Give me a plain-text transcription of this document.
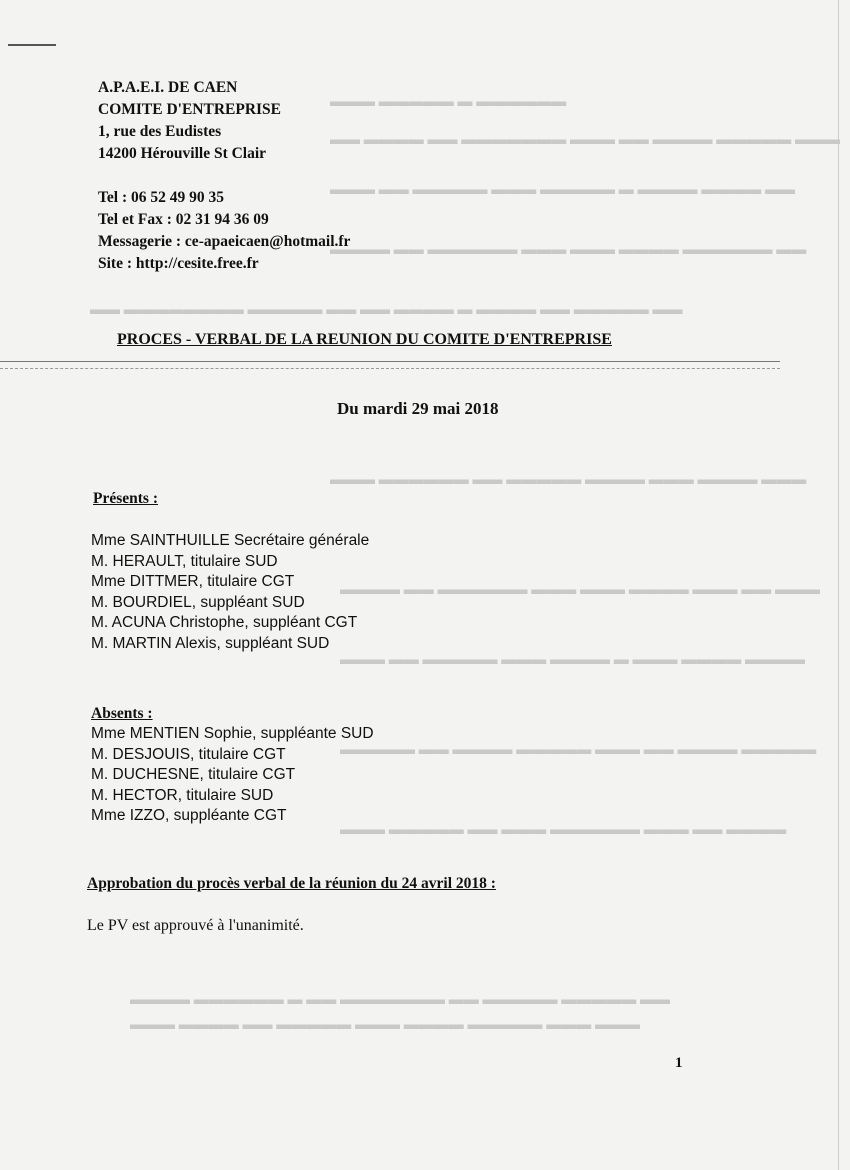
▬▬▬ ▬▬▬▬▬ ▬ ▬▬▬▬▬▬
▬▬ ▬▬▬▬ ▬▬ ▬▬▬▬▬▬▬ ▬▬▬ ▬▬ ▬▬▬▬ ▬▬▬▬▬ ▬▬▬
▬▬▬ ▬▬ ▬▬▬▬▬ ▬▬▬ ▬▬▬▬▬ ▬ ▬▬▬▬ ▬▬▬▬ ▬▬
▬▬▬▬ ▬▬ ▬▬▬▬▬▬ ▬▬▬ ▬▬▬ ▬▬▬▬ ▬▬▬▬▬▬ ▬▬
▬▬ ▬▬▬▬▬▬▬▬ ▬▬▬▬▬ ▬▬ ▬▬ ▬▬▬▬ ▬ ▬▬▬▬ ▬▬ ▬▬▬▬▬ ▬▬
▬▬▬ ▬▬▬▬▬▬ ▬▬ ▬▬▬▬▬ ▬▬▬▬ ▬▬▬ ▬▬▬▬ ▬▬▬
▬▬▬▬ ▬▬ ▬▬▬▬▬▬ ▬▬▬ ▬▬▬ ▬▬▬▬ ▬▬▬ ▬▬ ▬▬▬
▬▬▬ ▬▬ ▬▬▬▬▬ ▬▬▬ ▬▬▬▬ ▬ ▬▬▬ ▬▬▬▬ ▬▬▬▬
▬▬▬▬▬ ▬▬ ▬▬▬▬ ▬▬▬▬▬ ▬▬▬ ▬▬ ▬▬▬▬ ▬▬▬▬▬
▬▬▬ ▬▬▬▬▬ ▬▬ ▬▬▬ ▬▬▬▬▬▬ ▬▬▬ ▬▬ ▬▬▬▬
▬▬▬▬ ▬▬▬▬▬▬ ▬ ▬▬ ▬▬▬▬▬▬▬ ▬▬ ▬▬▬▬▬ ▬▬▬▬▬ ▬▬
▬▬▬ ▬▬▬▬ ▬▬ ▬▬▬▬▬ ▬▬▬ ▬▬▬▬ ▬▬▬▬▬ ▬▬▬ ▬▬▬
A.P.A.E.I. DE CAEN
COMITE D'ENTREPRISE
1, rue des Eudistes
14200 Hérouville St Clair
Tel : 06 52 49 90 35
Tel et Fax : 02 31 94 36 09
Messagerie : ce-apaeicaen@hotmail.fr
Site : http://cesite.free.fr
PROCES - VERBAL DE LA REUNION DU COMITE D'ENTREPRISE
Du mardi 29 mai 2018
Présents :
Mme SAINTHUILLE Secrétaire générale
M. HERAULT, titulaire SUD
Mme DITTMER, titulaire CGT
M. BOURDIEL, suppléant SUD
M. ACUNA Christophe, suppléant CGT
M. MARTIN Alexis, suppléant SUD
Absents :
Mme MENTIEN Sophie, suppléante SUD
M. DESJOUIS, titulaire CGT
M. DUCHESNE, titulaire CGT
M. HECTOR, titulaire SUD
Mme IZZO, suppléante CGT
Approbation du procès verbal de la réunion du 24 avril 2018 :
Le PV est approuvé à l'unanimité.
1
